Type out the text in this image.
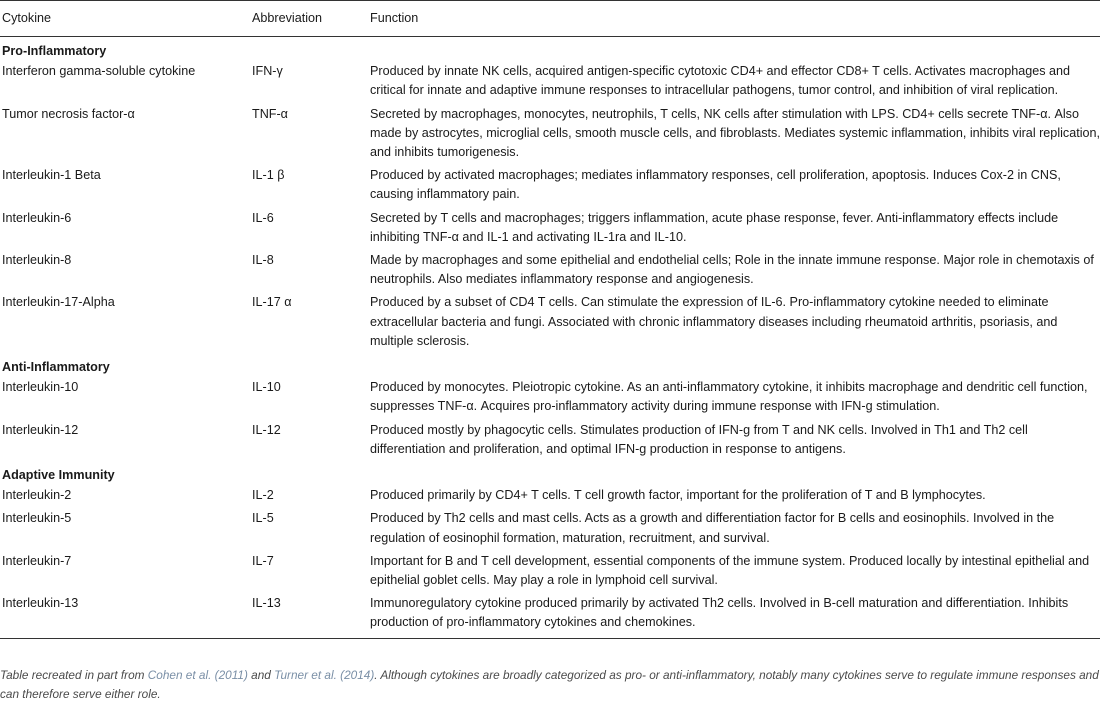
Cytokine	Abbreviation	Function
Pro-Inflammatory		
Interferon gamma-soluble cytokine	IFN-γ	Produced by innate NK cells, acquired antigen-specific cytotoxic CD4+ and effector CD8+ T cells. Activates macrophages and critical for innate and adaptive immune responses to intracellular pathogens, tumor control, and inhibition of viral replication.
Tumor necrosis factor-α	TNF-α	Secreted by macrophages, monocytes, neutrophils, T cells, NK cells after stimulation with LPS. CD4+ cells secrete TNF-α. Also made by astrocytes, microglial cells, smooth muscle cells, and fibroblasts. Mediates systemic inflammation, inhibits viral replication, and inhibits tumorigenesis.
Interleukin-1 Beta	IL-1 β	Produced by activated macrophages; mediates inflammatory responses, cell proliferation, apoptosis. Induces Cox-2 in CNS, causing inflammatory pain.
Interleukin-6	IL-6	Secreted by T cells and macrophages; triggers inflammation, acute phase response, fever. Anti-inflammatory effects include inhibiting TNF-α and IL-1 and activating IL-1ra and IL-10.
Interleukin-8	IL-8	Made by macrophages and some epithelial and endothelial cells; Role in the innate immune response. Major role in chemotaxis of neutrophils. Also mediates inflammatory response and angiogenesis.
Interleukin-17-Alpha	IL-17 α	Produced by a subset of CD4 T cells. Can stimulate the expression of IL-6. Pro-inflammatory cytokine needed to eliminate extracellular bacteria and fungi. Associated with chronic inflammatory diseases including rheumatoid arthritis, psoriasis, and multiple sclerosis.
Anti-Inflammatory		
Interleukin-10	IL-10	Produced by monocytes. Pleiotropic cytokine. As an anti-inflammatory cytokine, it inhibits macrophage and dendritic cell function, suppresses TNF-α. Acquires pro-inflammatory activity during immune response with IFN-g stimulation.
Interleukin-12	IL-12	Produced mostly by phagocytic cells. Stimulates production of IFN-g from T and NK cells. Involved in Th1 and Th2 cell differentiation and proliferation, and optimal IFN-g production in response to antigens.
Adaptive Immunity		
Interleukin-2	IL-2	Produced primarily by CD4+ T cells. T cell growth factor, important for the proliferation of T and B lymphocytes.
Interleukin-5	IL-5	Produced by Th2 cells and mast cells. Acts as a growth and differentiation factor for B cells and eosinophils. Involved in the regulation of eosinophil formation, maturation, recruitment, and survival.
Interleukin-7	IL-7	Important for B and T cell development, essential components of the immune system. Produced locally by intestinal epithelial and epithelial goblet cells. May play a role in lymphoid cell survival.
Interleukin-13	IL-13	Immunoregulatory cytokine produced primarily by activated Th2 cells. Involved in B-cell maturation and differentiation. Inhibits production of pro-inflammatory cytokines and chemokines.
Table recreated in part from Cohen et al. (2011) and Turner et al. (2014). Although cytokines are broadly categorized as pro- or anti-inflammatory, notably many cytokines serve to regulate immune responses and can therefore serve either role.
